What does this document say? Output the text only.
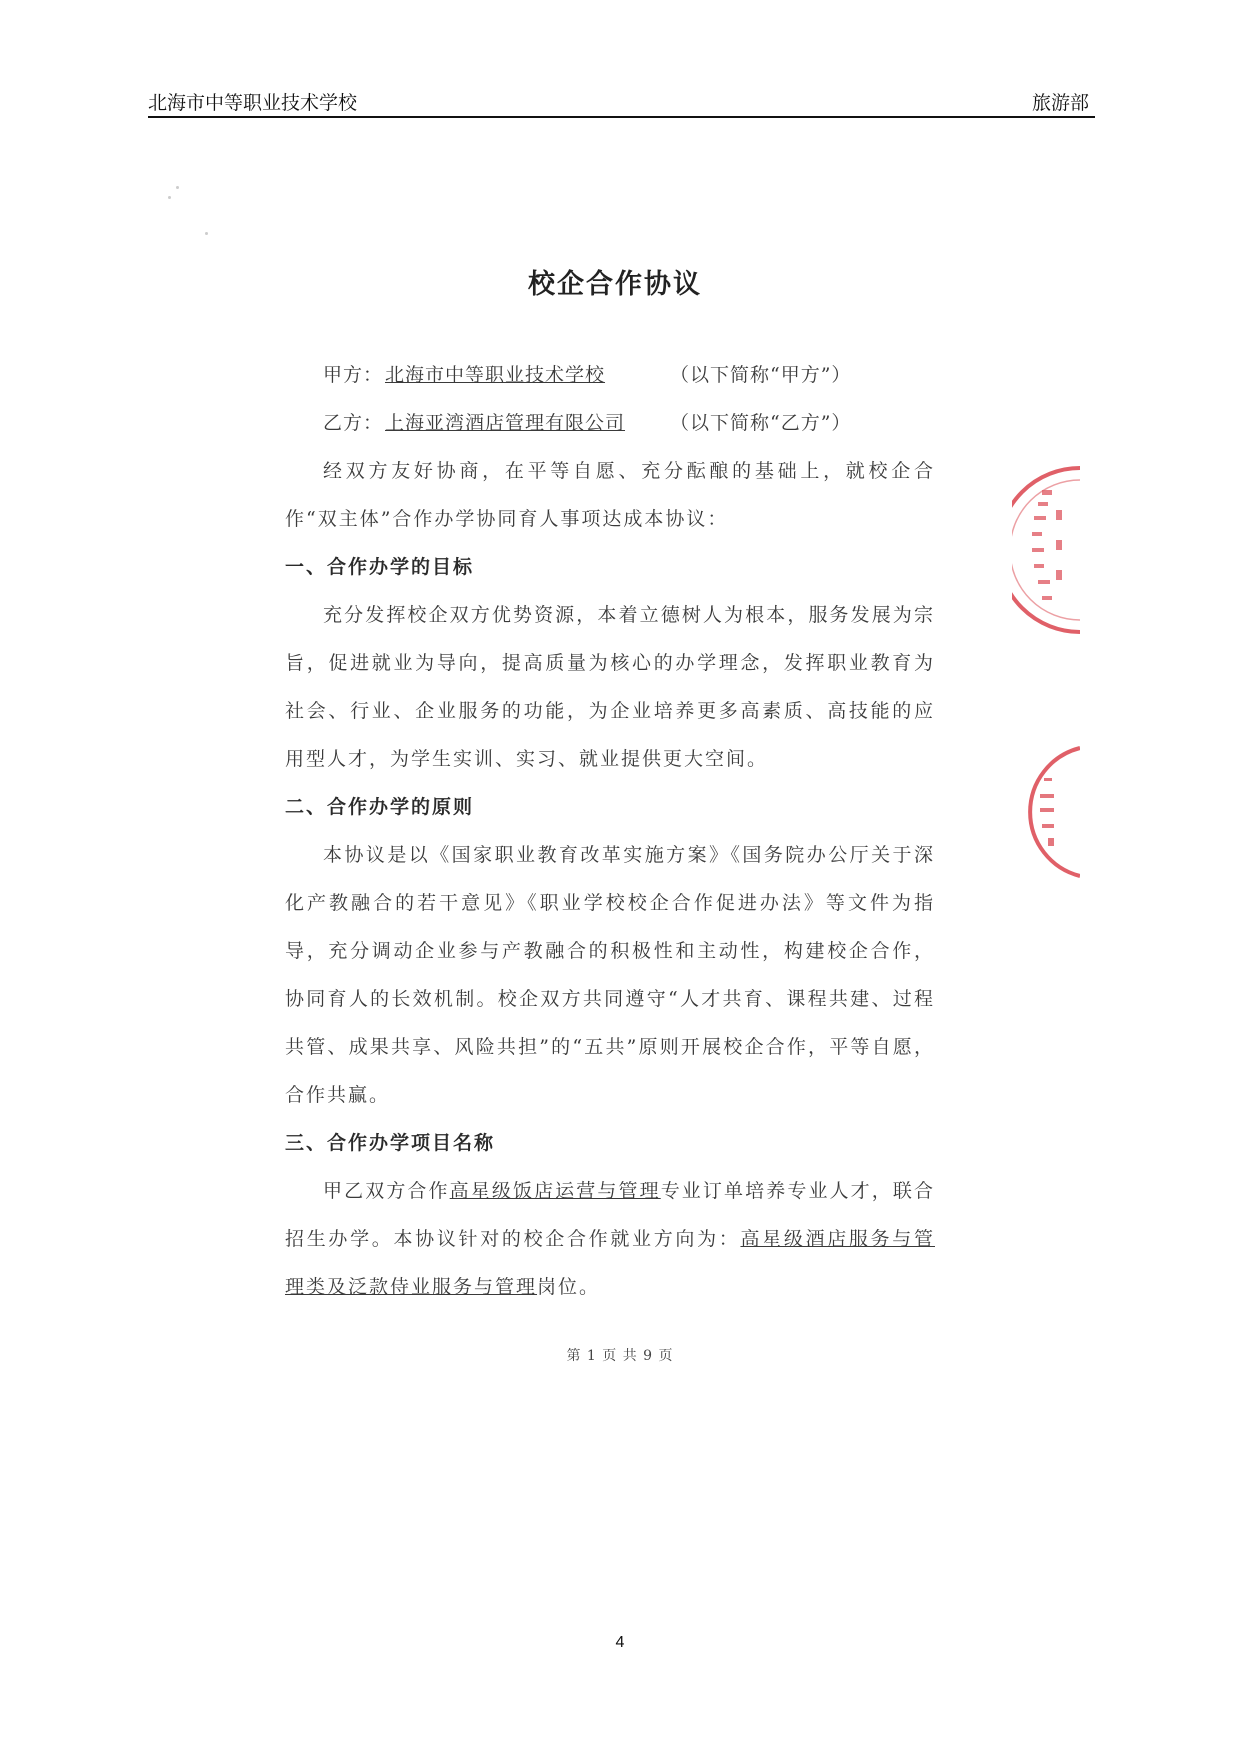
北海市中等职业技术学校	旅游部
校企合作协议
甲方： 北海市中等职业技术学校	（以下简称“甲方”）
乙方： 上海亚湾酒店管理有限公司 （以下简称“乙方”）

经双方友好协商，在平等自愿、充分酝酿的基础上，就校企合作“双主体”合作办学协同育人事项达成本协议：

一、合作办学的目标

充分发挥校企双方优势资源，本着立德树人为根本，服务发展为宗旨，促进就业为导向，提高质量为核心的办学理念，发挥职业教育为社会、行业、企业服务的功能，为企业培养更多高素质、高技能的应用型人才，为学生实训、实习、就业提供更大空间。

二、合作办学的原则

本协议是以《国家职业教育改革实施方案》《国务院办公厅关于深化产教融合的若干意见》《职业学校校企合作促进办法》等文件为指导，充分调动企业参与产教融合的积极性和主动性，构建校企合作，协同育人的长效机制。校企双方共同遵守“人才共育、课程共建、过程共管、成果共享、风险共担”的“五共”原则开展校企合作，平等自愿，合作共赢。

三、合作办学项目名称

甲乙双方合作高星级饭店运营与管理专业订单培养专业人才，联合招生办学。本协议针对的校企合作就业方向为：高星级酒店服务与管理类及泛款侍业服务与管理岗位。

第 1 页 共 9 页
4
